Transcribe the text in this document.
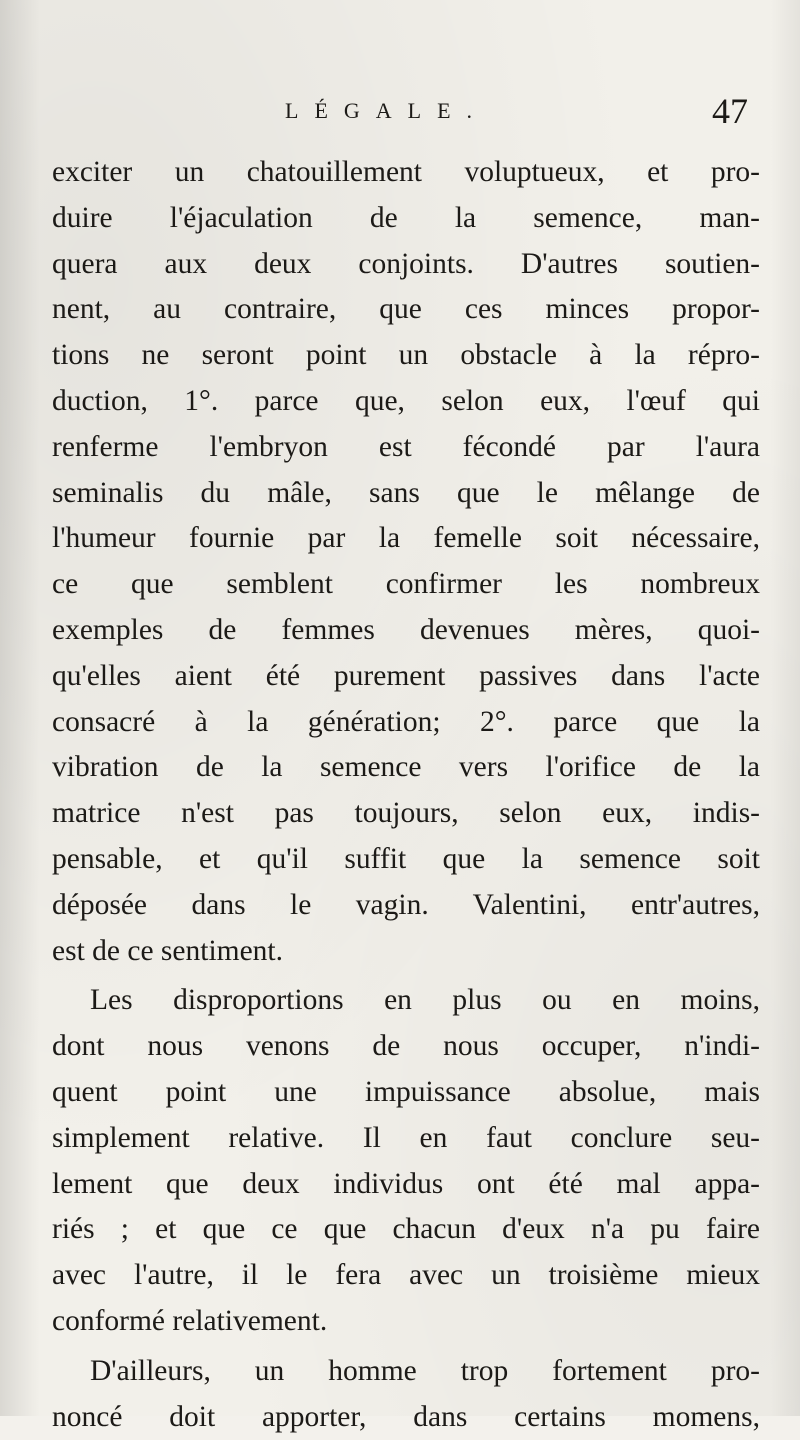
LÉGALE.	47
exciter un chatouillement voluptueux, et pro-
duire l'éjaculation de la semence, man-
quera aux deux conjoints. D'autres soutien-
nent, au contraire, que ces minces propor-
tions ne seront point un obstacle à la répro-
duction, 1°. parce que, selon eux, l'œuf qui
renferme l'embryon est fécondé par l'aura
seminalis du mâle, sans que le mêlange de
l'humeur fournie par la femelle soit nécessaire,
ce que semblent confirmer les nombreux
exemples de femmes devenues mères, quoi-
qu'elles aient été purement passives dans l'acte
consacré à la génération; 2°. parce que la
vibration de la semence vers l'orifice de la
matrice n'est pas toujours, selon eux, indis-
pensable, et qu'il suffit que la semence soit
déposée dans le vagin. Valentini, entr'autres,
est de ce sentiment.
Les disproportions en plus ou en moins,
dont nous venons de nous occuper, n'indi-
quent point une impuissance absolue, mais
simplement relative. Il en faut conclure seu-
lement que deux individus ont été mal appa-
riés ; et que ce que chacun d'eux n'a pu faire
avec l'autre, il le fera avec un troisième mieux
conformé relativement.
D'ailleurs, un homme trop fortement pro-
noncé doit apporter, dans certains momens,
